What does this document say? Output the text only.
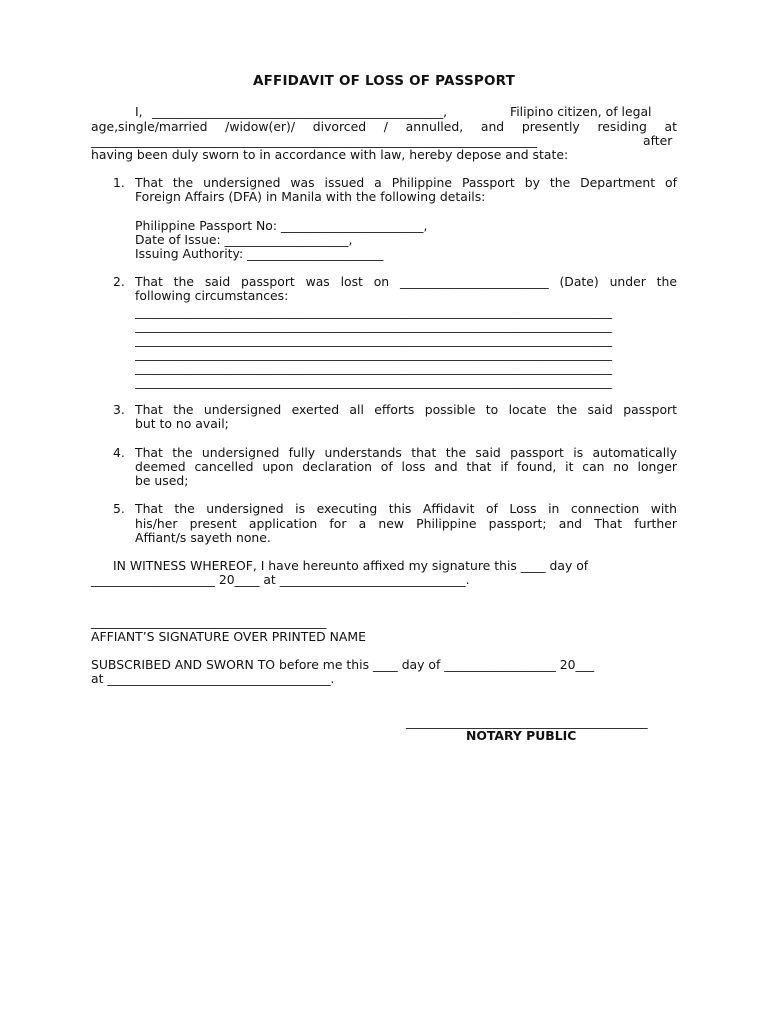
AFFIDAVIT OF LOSS OF PASSPORT
I, _______________________________________________,	Filipino citizen, of legal
age,single/married /widow(er)/ divorced / annulled, and presently residing at
________________________________________________________________________	after
having been duly sworn to in accordance with law, hereby depose and state:
1. That the undersigned was issued a Philippine Passport by the Department of
Foreign Affairs (DFA) in Manila with the following details:
Philippine Passport No: _______________________,
Date of Issue: ____________________,
Issuing Authority: ______________________
2. That the said passport was lost on ________________________ (Date) under the
following circumstances:
_____________________________________________________________________________
_____________________________________________________________________________
_____________________________________________________________________________
_____________________________________________________________________________
_____________________________________________________________________________
_____________________________________________________________________________
3. That the undersigned exerted all efforts possible to locate the said passport
but to no avail;
4. That the undersigned fully understands that the said passport is automatically
deemed cancelled upon declaration of loss and that if found, it can no longer
be used;
5. That the undersigned is executing this Affidavit of Loss in connection with
his/her present application for a new Philippine passport; and That further
Affiant/s sayeth none.
IN WITNESS WHEREOF, I have hereunto affixed my signature this ____ day of
____________________ 20____ at ______________________________.
______________________________________
AFFIANT’S SIGNATURE OVER PRINTED NAME
SUBSCRIBED AND SWORN TO before me this ____ day of __________________ 20___
at ____________________________________.
_______________________________________
NOTARY PUBLIC
